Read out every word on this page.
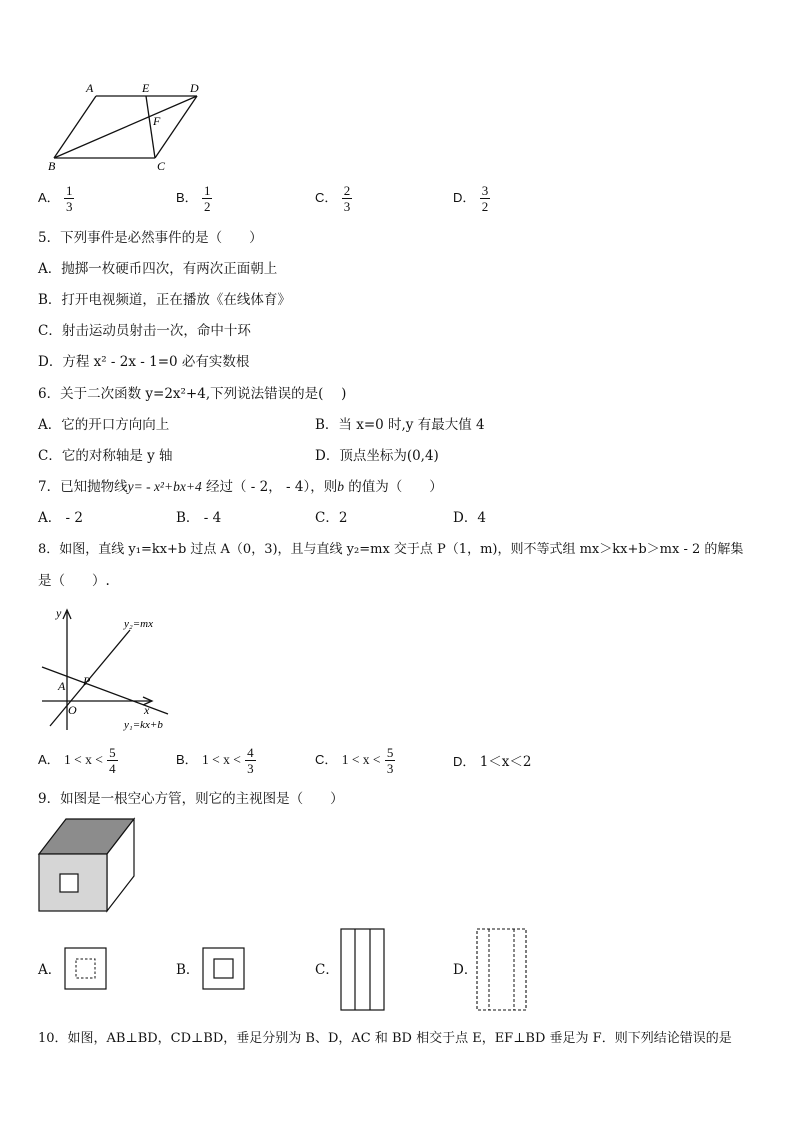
A	E	D
F
B	C
A． $\frac{1}{3}$	B． $\frac{1}{2}$	C． $\frac{2}{3}$	D． $\frac{3}{2}$
5．下列事件是必然事件的是（　　）
A．抛掷一枚硬币四次，有两次正面朝上
B．打开电视频道，正在播放《在线体育》
C．射击运动员射击一次，命中十环
D．方程 x² - 2x - 1=0 必有实数根
6．关于二次函数 y=2x²+4,下列说法错误的是(　 )
A．它的开口方向向上	B．当 x=0 时,y 有最大值 4
C．它的对称轴是 y 轴	D．顶点坐标为(0,4)
7．已知抛物线y= - x²+bx+4 经过（ - 2， - 4），则b 的值为（　　）
A． - 2	B． - 4	C．2	D．4
8．如图，直线 y₁=kx+b 过点 A（0，3)，且与直线 y₂=mx 交于点 P（1，m)，则不等式组 mx＞kx+b＞mx - 2 的解集
是（　　）.
y
x
y₂=mx
y₁=kx+b
A P
O
A． $1 < x < \frac{5}{4}$	B． $1 < x < \frac{4}{3}$	C． $1 < x < \frac{5}{3}$	D． 1＜x＜2
9．如图是一根空心方管，则它的主视图是（　　）
A．	B．	C．	D．
10．如图，AB⊥BD，CD⊥BD，垂足分别为 B、D，AC 和 BD 相交于点 E，EF⊥BD 垂足为 F．则下列结论错误的是
